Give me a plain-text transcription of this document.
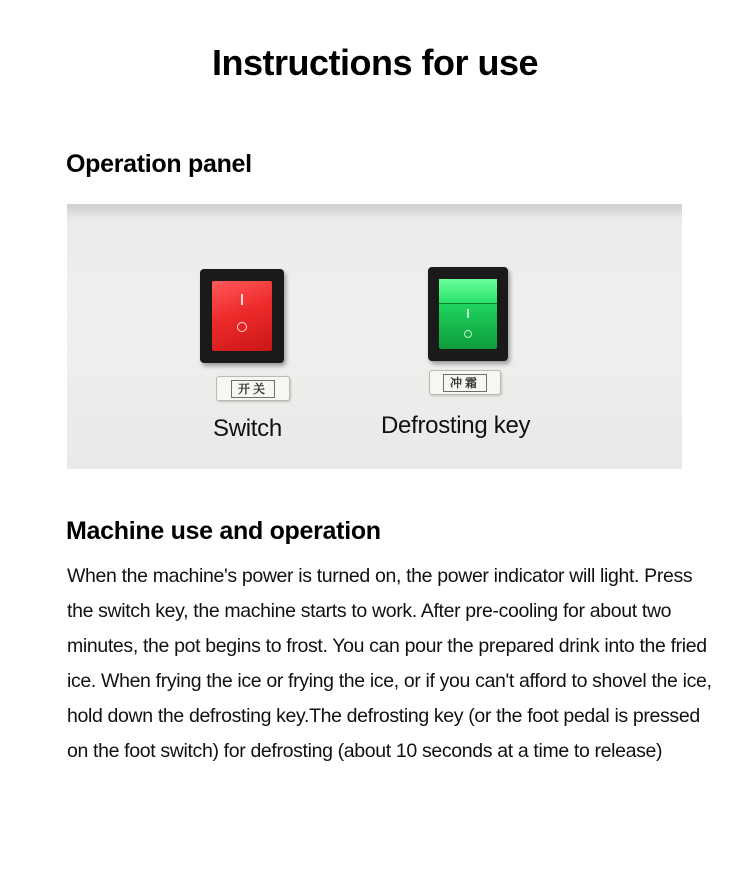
Instructions for use
Operation panel
开关
Switch
冲霜
Defrosting key
Machine use and operation

When the machine's power is turned on, the power indicator will light. Press the switch key, the machine starts to work. After pre-cooling for about two minutes, the pot begins to frost. You can pour the prepared drink into the fried ice. When frying the ice or frying the ice, or if you can't afford to shovel the ice, hold down the defrosting key.The defrosting key (or the foot pedal is pressed on the foot switch) for defrosting (about 10 seconds at a time to release)
